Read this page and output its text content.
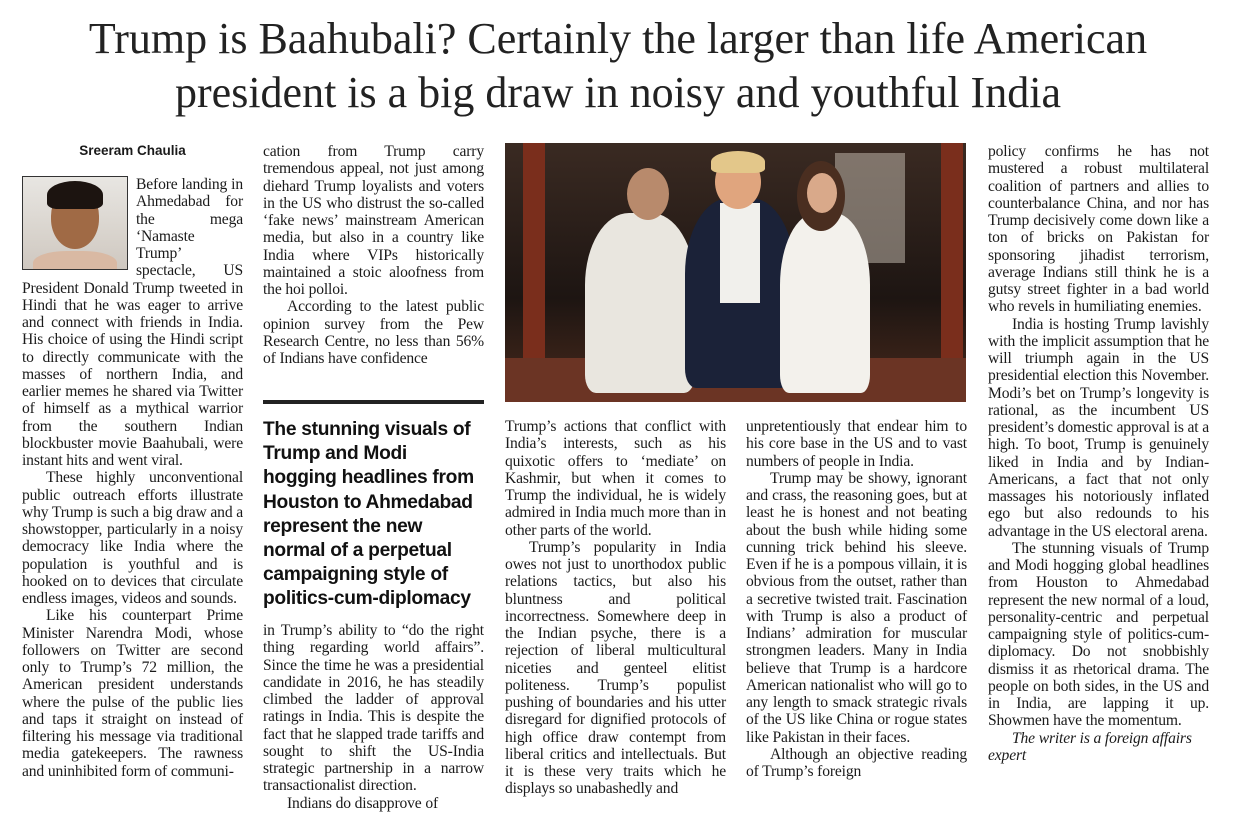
Trump is Baahubali? Certainly the larger than life American president is a big draw in noisy and youthful India
Sreeram Chaulia

Before landing in Ahmedabad for the mega ‘Namaste Trump’ spectacle, US President Donald Trump tweeted in Hindi that he was eager to arrive and connect with friends in India. His choice of using the Hindi script to directly communicate with the masses of northern India, and earlier memes he shared via Twitter of himself as a mythical warrior from the southern Indian blockbuster movie Baahubali, were instant hits and went viral.

These highly unconventional public outreach efforts illustrate why Trump is such a big draw and a showstopper, particularly in a noisy democracy like India where the population is youthful and is hooked on to devices that circulate endless images, videos and sounds.

Like his counterpart Prime Minister Narendra Modi, whose followers on Twitter are second only to Trump’s 72 million, the American president understands where the pulse of the public lies and taps it straight on instead of filtering his message via traditional media gatekeepers. The rawness and uninhibited form of communi-

cation from Trump carry tremendous appeal, not just among diehard Trump loyalists and voters in the US who distrust the so-called ‘fake news’ mainstream American media, but also in a country like India where VIPs historically maintained a stoic aloofness from the hoi polloi.

According to the latest public opinion survey from the Pew Research Centre, no less than 56% of Indians have confidence

The stunning visuals of Trump and Modi hogging headlines from Houston to Ahmedabad represent the new normal of a perpetual campaigning style of politics-cum-diplomacy

in Trump’s ability to “do the right thing regarding world affairs”. Since the time he was a presidential candidate in 2016, he has steadily climbed the ladder of approval ratings in India. This is despite the fact that he slapped trade tariffs and sought to shift the US-India strategic partnership in a narrow transactionalist direction.

Indians do disapprove of

Trump’s actions that conflict with India’s interests, such as his quixotic offers to ‘mediate’ on Kashmir, but when it comes to Trump the individual, he is widely admired in India much more than in other parts of the world.

Trump’s popularity in India owes not just to unorthodox public relations tactics, but also his bluntness and political incorrectness. Somewhere deep in the Indian psyche, there is a rejection of liberal multicultural niceties and genteel elitist politeness. Trump’s populist pushing of boundaries and his utter disregard for dignified protocols of high office draw contempt from liberal critics and intellectuals. But it is these very traits which he displays so unabashedly and

unpretentiously that endear him to his core base in the US and to vast numbers of people in India.

Trump may be showy, ignorant and crass, the reasoning goes, but at least he is honest and not beating about the bush while hiding some cunning trick behind his sleeve. Even if he is a pompous villain, it is obvious from the outset, rather than a secretive twisted trait. Fascination with Trump is also a product of Indians’ admiration for muscular strongmen leaders. Many in India believe that Trump is a hardcore American nationalist who will go to any length to smack strategic rivals of the US like China or rogue states like Pakistan in their faces.

Although an objective reading of Trump’s foreign

policy confirms he has not mustered a robust multilateral coalition of partners and allies to counterbalance China, and nor has Trump decisively come down like a ton of bricks on Pakistan for sponsoring jihadist terrorism, average Indians still think he is a gutsy street fighter in a bad world who revels in humiliating enemies.

India is hosting Trump lavishly with the implicit assumption that he will triumph again in the US presidential election this November. Modi’s bet on Trump’s longevity is rational, as the incumbent US president’s domestic approval is at a high. To boot, Trump is genuinely liked in India and by Indian-Americans, a fact that not only massages his notoriously inflated ego but also redounds to his advantage in the US electoral arena.

The stunning visuals of Trump and Modi hogging global headlines from Houston to Ahmedabad represent the new normal of a loud, personality-centric and perpetual campaigning style of politics-cum-diplomacy. Do not snobbishly dismiss it as rhetorical drama. The people on both sides, in the US and in India, are lapping it up. Showmen have the momentum.

The writer is a foreign affairs expert
